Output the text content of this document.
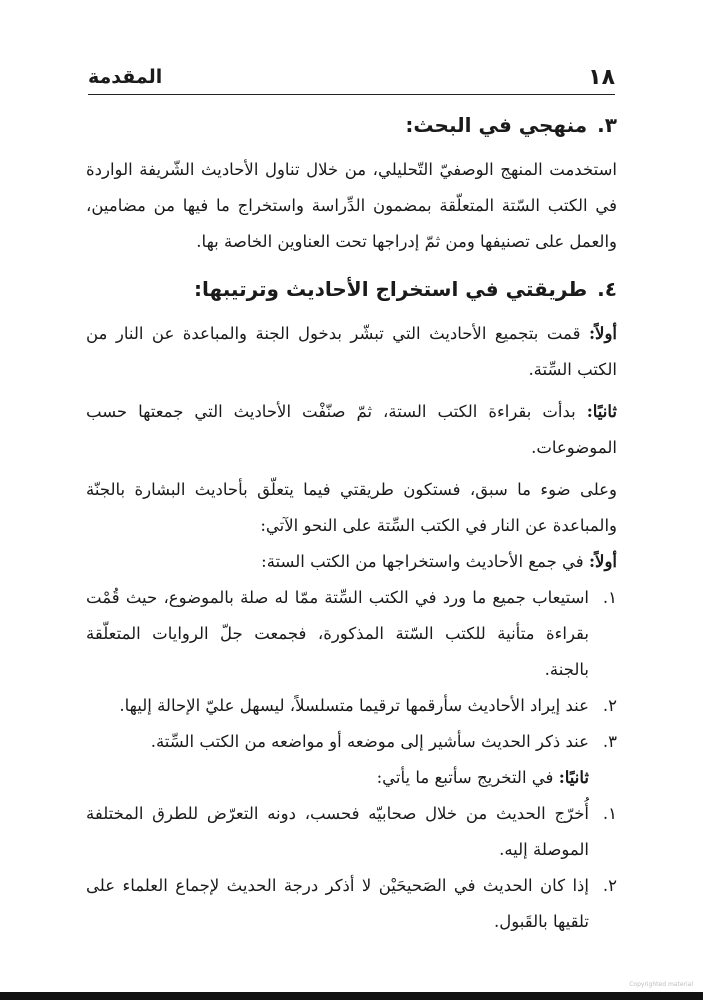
١٨
المقدمة
٣.منهجي في البحث:

استخدمت المنهج الوصفيّ التّحليلي، من خلال تناول الأحاديث الشّريفة الواردة في الكتب السّتة المتعلّقة بمضمون الدِّراسة واستخراج ما فيها من مضامين، والعمل على تصنيفها ومن ثمّ إدراجها تحت العناوين الخاصة بها.

٤.طريقتي في استخراج الأحاديث وترتيبها:

أولاً: قمت بتجميع الأحاديث التي تبشّر بدخول الجنة والمباعدة عن النار من الكتب السِّتة.

ثانيًا: بدأت بقراءة الكتب الستة، ثمّ صنّفْت الأحاديث التي جمعتها حسب الموضوعات.

وعلى ضوء ما سبق، فستكون طريقتي فيما يتعلّق بأحاديث البشارة بالجنّة والمباعدة عن النار في الكتب السِّتة على النحو الآتي:

أولاً: في جمع الأحاديث واستخراجها من الكتب الستة:

١.
استيعاب جميع ما ورد في الكتب السِّتة ممّا له صلة بالموضوع، حيث قُمْت بقراءة متأنية للكتب السّتة المذكورة، فجمعت جلّ الروايات المتعلّقة بالجنة.
٢.
عند إيراد الأحاديث سأرقمها ترقيما متسلسلاً، ليسهل عليّ الإحالة إليها.
٣.
عند ذكر الحديث سأشير إلى موضعه أو مواضعه من الكتب السِّتة.

ثانيًا: في التخريج سأتبع ما يأتي:

١.
أُخرّج الحديث من خلال صحابيّه فحسب، دونه التعرّض للطرق المختلفة الموصلة إليه.
٢.
إذا كان الحديث في الصَحيحَيْن لا أذكر درجة الحديث لإجماع العلماء على تلقيها بالقَبول.
Copyrighted material
